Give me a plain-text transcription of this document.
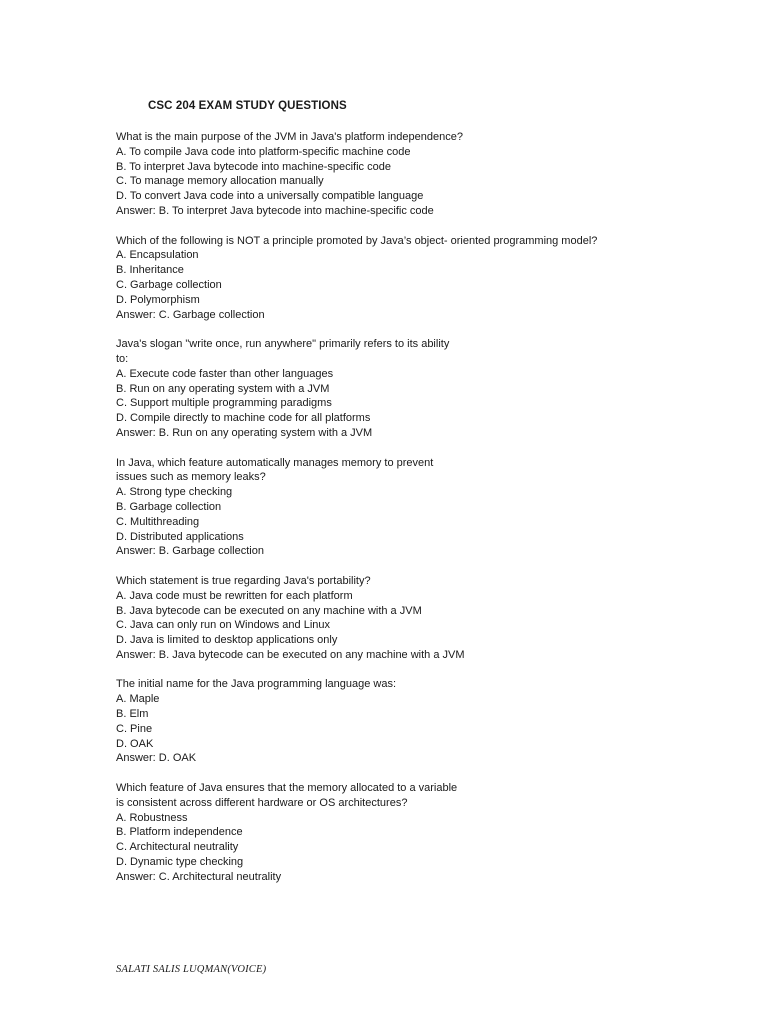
CSC 204 EXAM STUDY QUESTIONS
What is the main purpose of the JVM in Java's platform independence?
A. To compile Java code into platform-specific machine code
B. To interpret Java bytecode into machine-specific code
C. To manage memory allocation manually
D. To convert Java code into a universally compatible language
Answer: B. To interpret Java bytecode into machine-specific code
Which of the following is NOT a principle promoted by Java’s object- oriented programming model?
A. Encapsulation
B. Inheritance
C. Garbage collection
D. Polymorphism
Answer: C. Garbage collection
Java's slogan "write once, run anywhere" primarily refers to its ability
to:
A. Execute code faster than other languages
B. Run on any operating system with a JVM
C. Support multiple programming paradigms
D. Compile directly to machine code for all platforms
Answer: B. Run on any operating system with a JVM
In Java, which feature automatically manages memory to prevent
issues such as memory leaks?
A. Strong type checking
B. Garbage collection
C. Multithreading
D. Distributed applications
Answer: B. Garbage collection
Which statement is true regarding Java's portability?
A. Java code must be rewritten for each platform
B. Java bytecode can be executed on any machine with a JVM
C. Java can only run on Windows and Linux
D. Java is limited to desktop applications only
Answer: B. Java bytecode can be executed on any machine with a JVM
The initial name for the Java programming language was:
A. Maple
B. Elm
C. Pine
D. OAK
Answer: D. OAK
Which feature of Java ensures that the memory allocated to a variable
is consistent across different hardware or OS architectures?
A. Robustness
B. Platform independence
C. Architectural neutrality
D. Dynamic type checking
Answer: C. Architectural neutrality
SALATI SALIS LUQMAN(VOICE)
